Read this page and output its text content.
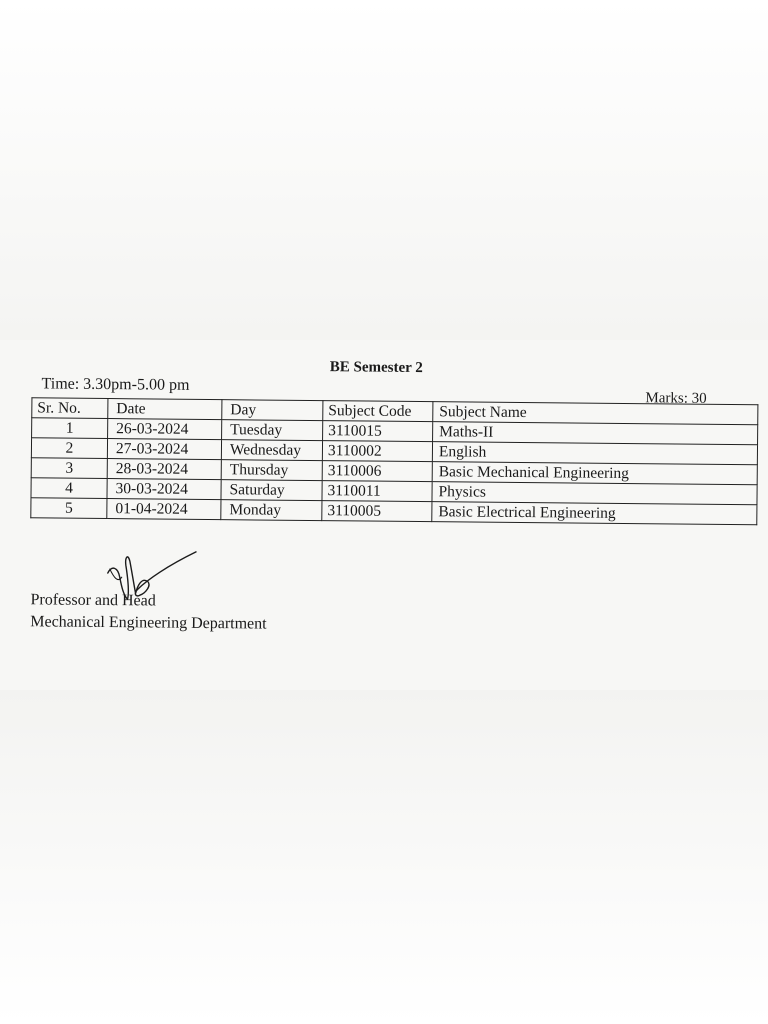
BE Semester 2
Time: 3.30pm-5.00 pm
Marks: 30
Sr. No.	Date	Day	Subject Code	Subject Name
1	26-03-2024	Tuesday	3110015	Maths-II
2	27-03-2024	Wednesday	3110002	English
3	28-03-2024	Thursday	3110006	Basic Mechanical Engineering
4	30-03-2024	Saturday	3110011	Physics
5	01-04-2024	Monday	3110005	Basic Electrical Engineering
Professor and Head
Mechanical Engineering Department
